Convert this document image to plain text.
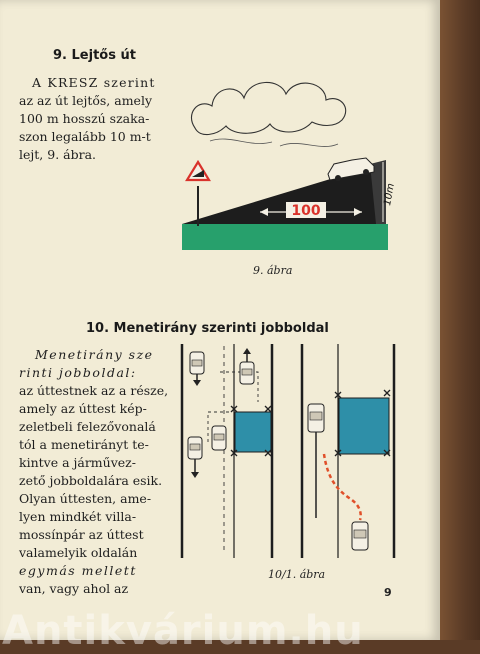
9. Lejtős út
A KRESZ szerint
az az út lejtős, amely
100 m hosszú szaka-
szon legalább 10 m-t
lejt, 9. ábra.
100
10m
9. ábra
10. Menetirány szerinti jobboldal
Menetirány sze
rinti jobboldal:
az úttestnek az a része,
amely az úttest kép-
zeletbeli felezővonalá
tól a menetirányt te-
kintve a járművez-
zető jobboldalára esik.
Olyan úttesten, ame-
lyen mindkét villa-
mossínpár az úttest
valamelyik oldalán
egymás mellett
van, vagy ahol az
10/1. ábra
9
Antikvárium.hu
